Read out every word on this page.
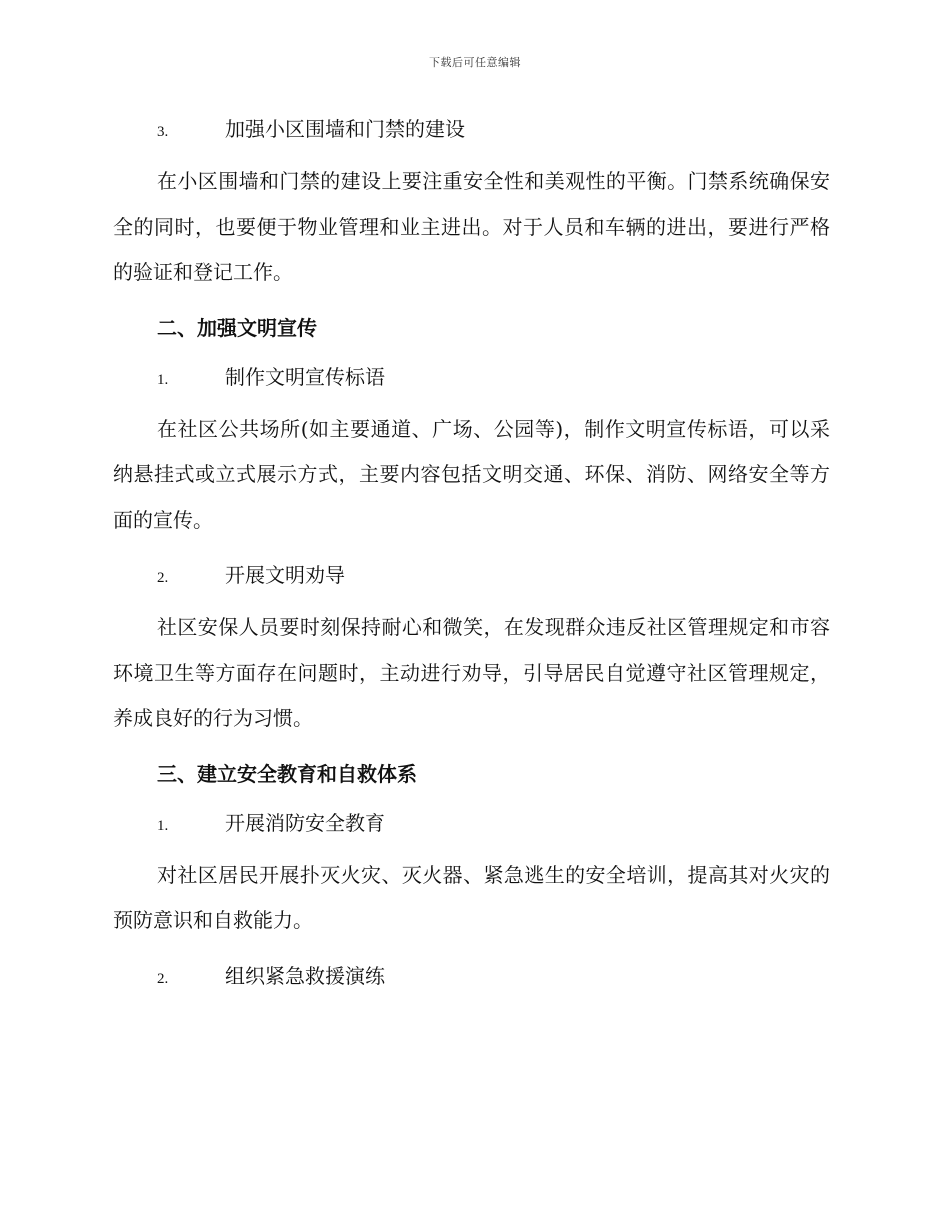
下载后可任意编辑
3.	加强小区围墙和门禁的建设

在小区围墙和门禁的建设上要注重安全性和美观性的平衡。门禁系统确保安全的同时，也要便于物业管理和业主进出。对于人员和车辆的进出，要进行严格的验证和登记工作。

二、加强文明宣传
1.	制作文明宣传标语

在社区公共场所(如主要通道、广场、公园等)，制作文明宣传标语，可以采纳悬挂式或立式展示方式，主要内容包括文明交通、环保、消防、网络安全等方面的宣传。

2.	开展文明劝导

社区安保人员要时刻保持耐心和微笑，在发现群众违反社区管理规定和市容环境卫生等方面存在问题时，主动进行劝导，引导居民自觉遵守社区管理规定，养成良好的行为习惯。

三、建立安全教育和自救体系
1.	开展消防安全教育

对社区居民开展扑灭火灾、灭火器、紧急逃生的安全培训，提高其对火灾的预防意识和自救能力。

2.	组织紧急救援演练
